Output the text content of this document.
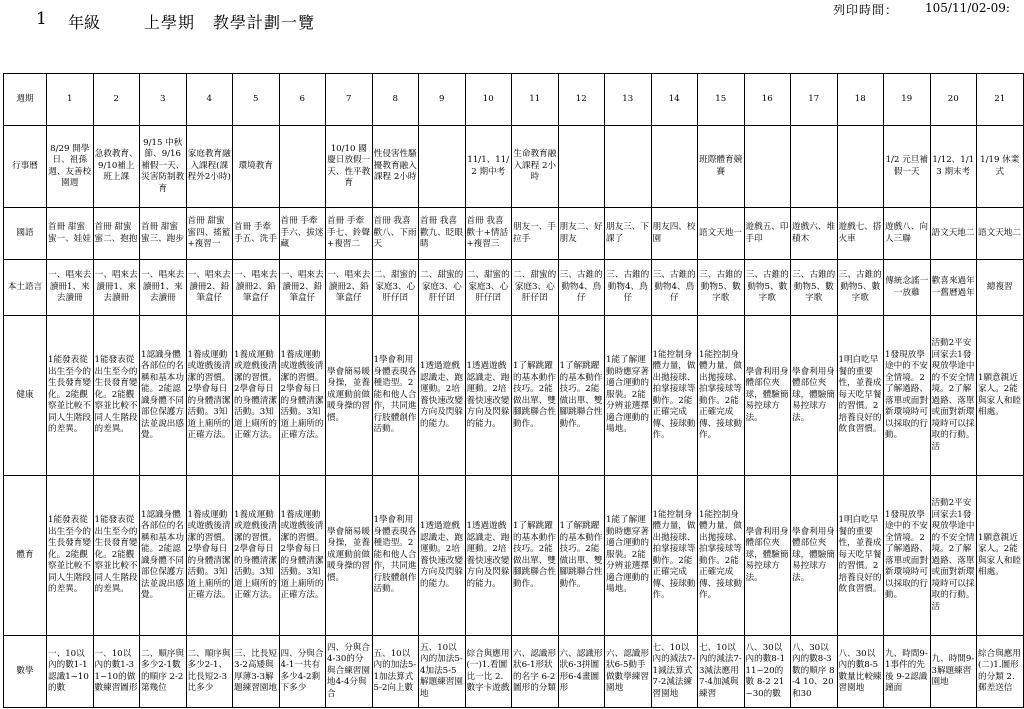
1 年級	上學期 教學計劃一覽
列印時間： 105/11/02-09:
週期	1	2	3	4	5	6	7	8	9	10	11	12	13	14	15	16	17	18	19	20	21
行事曆	8/29 開學日、祖孫週、友善校園週	急救教育、9/10補上班上課	9/15 中秋節、9/16補假一天、災害防制教育	家庭教育融入課程(課程外2小時)	環境教育		10/10 國慶日放假一天、性平教育	性侵害性騷擾教育融入課程 2小時		11/1、11/2 期中考	生命教育融入課程 2小時				班際體育競賽				1/2 元旦補假一天	1/12、1/13 期末考	1/19 休業式
國語	首冊 甜蜜蜜一、娃娃	首冊 甜蜜蜜二、抱抱	首冊 甜蜜蜜三、跑步	首冊 甜蜜蜜四、搖籃+複習一	首冊 手牽手五、洗手	首冊 手牽手六、拔迷藏	首冊 手牽手七、鈴聲+複習二	首冊 我喜歡八、下雨天	首冊 我喜歡九、眨眼睛	首冊 我喜歡十+情話+複習三	朋友一、手拉手	朋友二、好朋友	朋友三、下課了	朋友四、校園	語文天地一	遊戲五、印手印	遊戲六、堆積木	遊戲七、搭火車	遊戲八、向人三聯	語文天地二	語文天地二
本土語言	一、唱來去讀冊1、來去讀冊	一、唱來去讀冊1、來去讀冊	一、唱來去讀冊1、來去讀冊	一、唱來去讀冊2、鉛筆盒仔	一、唱來去讀冊2、鉛筆盒仔	一、唱來去讀冊2、鉛筆盒仔	一、唱來去讀冊2、鉛筆盒仔	二、甜蜜的家庭3、心肝仔囝	二、甜蜜的家庭3、心肝仔囝	二、甜蜜的家庭3、心肝仔囝	二、甜蜜的家庭3、心肝仔囝	三、古錐的動物4、鳥仔	三、古錐的動物4、鳥仔	三、古錐的動物4、鳥仔	三、古錐的動物5、數字歌	三、古錐的動物5、數字歌	三、古錐的動物5、數字歌	三、古錐的動物5、數字歌	傳統念謠一一放雞	歡喜來過年一舊曆過年	總複習
健康	1能發表從出生至今的生長發育變化。2能觀察並比較不同人生階段的差異。	1能發表從出生至今的生長發育變化。2能觀察並比較不同人生階段的差異。	1認識身體各部位的名稱和基本功能。2能認識身體不同部位保護方法並說出感覺。	1養成運動或遊戲後清潔的習慣。2學會每日的身體清潔活動。3知道上廁所的正確方法。	1養成運動或遊戲後清潔的習慣。2學會每日的身體清潔活動。3知道上廁所的正確方法。	1養成運動或遊戲後清潔的習慣。2學會每日的身體清潔活動。3知道上廁所的正確方法。	學會簡易暖身操，並養成運動前做暖身操的習慣。	1學會利用身體表現各種造型。2能和他人合作，共同進行肢體創作活動。	1透過遊戲認識走、跑運動。2培養快速改變方向及閃躲的能力。	1透過遊戲認識走、跑運動。2培養快速改變方向及閃躲的能力。	1了解跳躍的基本動作技巧。2能做出單、雙腳跳聯合性動作。	1了解跳躍的基本動作技巧。2能做出單、雙腳跳聯合性動作。	1能了解運動時應穿著適合運動的服裝。2能分辨並選擇適合運動的場地。	1能控制身體力量，做出拋接球、拍掌接球等動作。2能正確完成傳、接球動作。	1能控制身體力量，做出拋接球、拍掌接球等動作。2能正確完成傳、接球動作。	學會利用身體部位夾球，體驗簡易控球方法。	學會利用身體部位夾球，體驗簡易控球方法。	1明白吃早餐的重要性，並養成每天吃早餐的習慣。2培養良好的飲食習慣。	1發現放學途中的不安全情境。2了解過路、落單或面對新環境時可以採取的行動。	活動2平安回家去1發現放學途中的不安全情境。2了解過路、落單或面對新環境時可以採取的行動。活	1願意親近家人。2能與家人和睦相處。
體育	1能發表從出生至今的生長發育變化。2能觀察並比較不同人生階段的差異。	1能發表從出生至今的生長發育變化。2能觀察並比較不同人生階段的差異。	1認識身體各部位的名稱和基本功能。2能認識身體不同部位保護方法並說出感覺。	1養成運動或遊戲後清潔的習慣。2學會每日的身體清潔活動。3知道上廁所的正確方法。	1養成運動或遊戲後清潔的習慣。2學會每日的身體清潔活動。3知道上廁所的正確方法。	1養成運動或遊戲後清潔的習慣。2學會每日的身體清潔活動。3知道上廁所的正確方法。	學會簡易暖身操，並養成運動前做暖身操的習慣。	1學會利用身體表現各種造型。2能和他人合作，共同進行肢體創作活動。	1透過遊戲認識走、跑運動。2培養快速改變方向及閃躲的能力。	1透過遊戲認識走、跑運動。2培養快速改變方向及閃躲的能力。	1了解跳躍的基本動作技巧。2能做出單、雙腳跳聯合性動作。	1了解跳躍的基本動作技巧。2能做出單、雙腳跳聯合性動作。	1能了解運動時應穿著適合運動的服裝。2能分辨並選擇適合運動的場地。	1能控制身體力量，做出拋接球、拍掌接球等動作。2能正確完成傳、接球動作。	1能控制身體力量，做出拋接球、拍掌接球等動作。2能正確完成傳、接球動作。	學會利用身體部位夾球，體驗簡易控球方法。	學會利用身體部位夾球，體驗簡易控球方法。	1明白吃早餐的重要性，並養成每天吃早餐的習慣。2培養良好的飲食習慣。	1發現放學途中的不安全情境。2了解過路、落單或面對新環境時可以採取的行動。	活動2平安回家去1發現放學途中的不安全情境。2了解過路、落單或面對新環境時可以採取的行動。活	1願意親近家人。2能與家人和睦相處。
數學	一、10以內的數1-1認識1~10的數	一、10以內的數1-31~10的做數練習圖形	二、順序與多少2-1數的順序 2-2第幾位	二、順序與多少2-1、比長短2-3比多少	三、比長短3-2高矮與厚薄3-3解題練習園地	四、分與合4-1一共有多少4-2剩下多少	四、分與合4-30的分與合練習園地4-4分與合	五、10以內的加法5-1加法算式 5-2向上數	五、10以內的加法5-4加法5-5解題練習園地	綜合與應用(一)1.看圖比一比 2.數字卡遊戲	六、認識形狀6-1形狀的名字 6-2圖形的分類	六、認識形狀6-3拼圖形6-4畫圖形	六、認識形狀6-5動手做數學練習園地	七、10以內的減法7-1減法算式 7-2減法練習園地	七、10以內的減法7-3減法應用 7-4加減與練習	八、30以內的數8-1 11~20的數 8-2 21~30的數	八、30以內的數8-3數的順序 8-4 10、20和30	八、30以內的數8-5數量比較練習園地	九、時間9-1事件的先後 9-2認識鐘面	九、時間9-3解題練習園地	綜合與應用(二)1.圖形的分類 2.郵差送信
